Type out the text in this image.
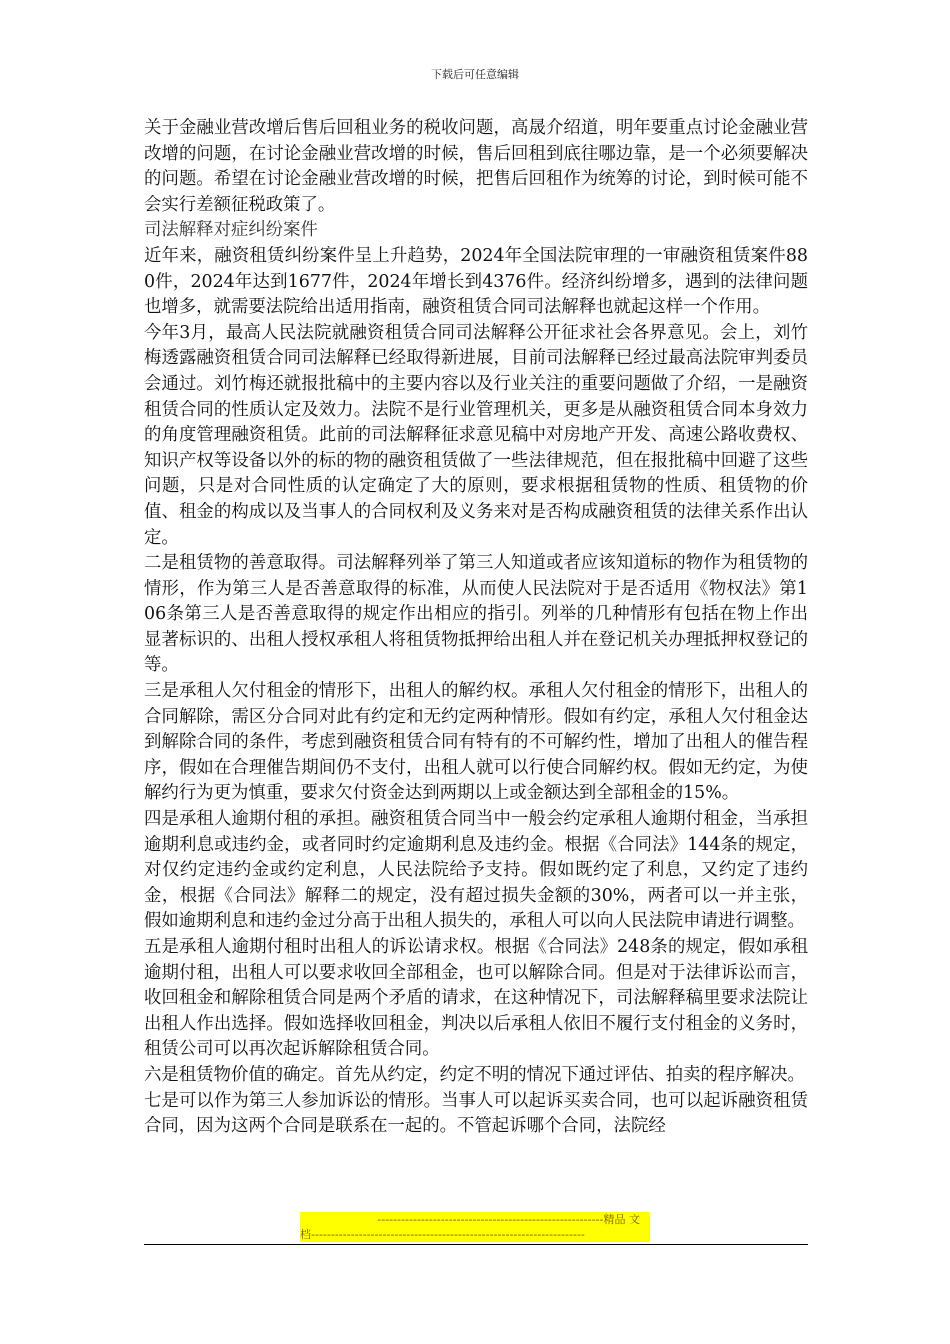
下载后可任意编辑

关于金融业营改增后售后回租业务的税收问题，高晟介绍道，明年要重点讨论金融业营改增的问题，在讨论金融业营改增的时候，售后回租到底往哪边靠，是一个必须要解决的问题。希望在讨论金融业营改增的时候，把售后回租作为统筹的讨论，到时候可能不会实行差额征税政策了。

司法解释对症纠纷案件

近年来，融资租赁纠纷案件呈上升趋势，2024年全国法院审理的一审融资租赁案件880件，2024年达到1677件，2024年增长到4376件。经济纠纷增多，遇到的法律问题也增多，就需要法院给出适用指南，融资租赁合同司法解释也就起这样一个作用。

今年3月，最高人民法院就融资租赁合同司法解释公开征求社会各界意见。会上，刘竹梅透露融资租赁合同司法解释已经取得新进展，目前司法解释已经过最高法院审判委员会通过。刘竹梅还就报批稿中的主要内容以及行业关注的重要问题做了介绍，一是融资租赁合同的性质认定及效力。法院不是行业管理机关，更多是从融资租赁合同本身效力的角度管理融资租赁。此前的司法解释征求意见稿中对房地产开发、高速公路收费权、知识产权等设备以外的标的物的融资租赁做了一些法律规范，但在报批稿中回避了这些问题，只是对合同性质的认定确定了大的原则，要求根据租赁物的性质、租赁物的价值、租金的构成以及当事人的合同权利及义务来对是否构成融资租赁的法律关系作出认定。

二是租赁物的善意取得。司法解释列举了第三人知道或者应该知道标的物作为租赁物的情形，作为第三人是否善意取得的标准，从而使人民法院对于是否适用《物权法》第106条第三人是否善意取得的规定作出相应的指引。列举的几种情形有包括在物上作出显著标识的、出租人授权承租人将租赁物抵押给出租人并在登记机关办理抵押权登记的等。

三是承租人欠付租金的情形下，出租人的解约权。承租人欠付租金的情形下，出租人的合同解除，需区分合同对此有约定和无约定两种情形。假如有约定，承租人欠付租金达到解除合同的条件，考虑到融资租赁合同有特有的不可解约性，增加了出租人的催告程序，假如在合理催告期间仍不支付，出租人就可以行使合同解约权。假如无约定，为使解约行为更为慎重，要求欠付资金达到两期以上或金额达到全部租金的15%。

四是承租人逾期付租的承担。融资租赁合同当中一般会约定承租人逾期付租金，当承担逾期利息或违约金，或者同时约定逾期利息及违约金。根据《合同法》144条的规定，对仅约定违约金或约定利息，人民法院给予支持。假如既约定了利息，又约定了违约金，根据《合同法》解释二的规定，没有超过损失金额的30%，两者可以一并主张，假如逾期利息和违约金过分高于出租人损失的，承租人可以向人民法院申请进行调整。

五是承租人逾期付租时出租人的诉讼请求权。根据《合同法》248条的规定，假如承租逾期付租，出租人可以要求收回全部租金，也可以解除合同。但是对于法律诉讼而言，收回租金和解除租赁合同是两个矛盾的请求，在这种情况下，司法解释稿里要求法院让出租人作出选择。假如选择收回租金，判决以后承租人依旧不履行支付租金的义务时，租赁公司可以再次起诉解除租赁合同。

六是租赁物价值的确定。首先从约定，约定不明的情况下通过评估、拍卖的程序解决。

七是可以作为第三人参加诉讼的情形。当事人可以起诉买卖合同，也可以起诉融资租赁合同，因为这两个合同是联系在一起的。不管起诉哪个合同，法院经

---------------------------------------------------------精品 文
档---------------------------------------------------------------------
